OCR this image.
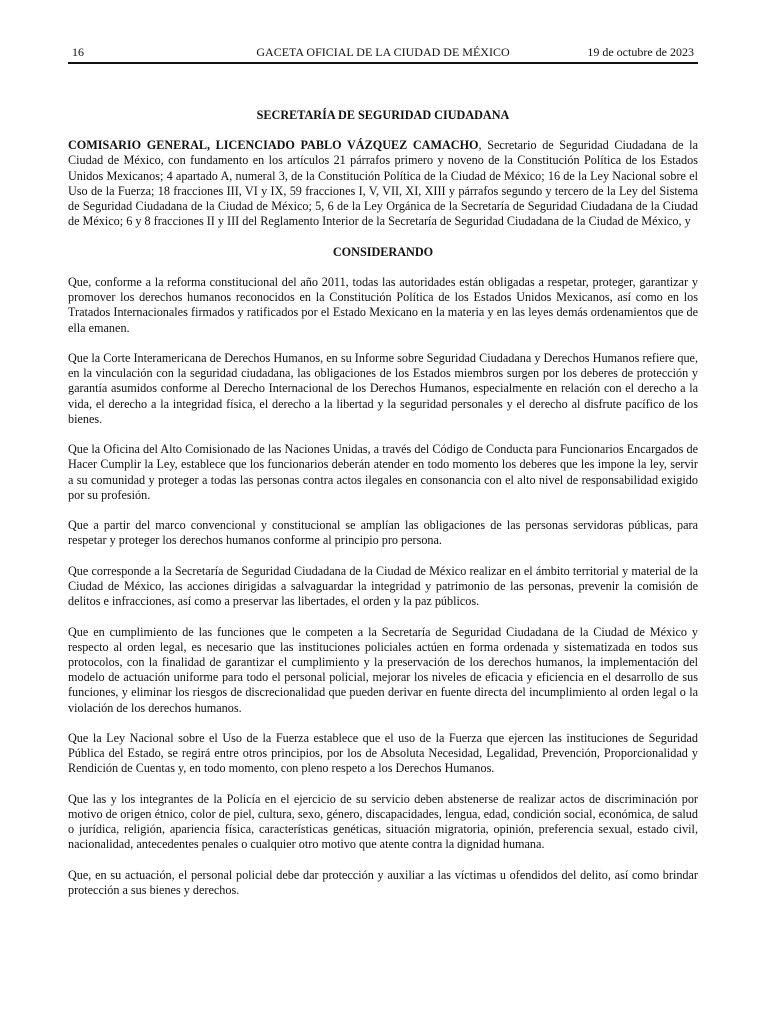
16	GACETA OFICIAL DE LA CIUDAD DE MÉXICO	19 de octubre de 2023
SECRETARÍA DE SEGURIDAD CIUDADANA

COMISARIO GENERAL, LICENCIADO PABLO VÁZQUEZ CAMACHO, Secretario de Seguridad Ciudadana de la Ciudad de México, con fundamento en los artículos 21 párrafos primero y noveno de la Constitución Política de los Estados Unidos Mexicanos; 4 apartado A, numeral 3, de la Constitución Política de la Ciudad de México; 16 de la Ley Nacional sobre el Uso de la Fuerza; 18 fracciones III, VI y IX, 59 fracciones I, V, VII, XI, XIII y párrafos segundo y tercero de la Ley del Sistema de Seguridad Ciudadana de la Ciudad de México; 5, 6 de la Ley Orgánica de la Secretaría de Seguridad Ciudadana de la Ciudad de México; 6 y 8 fracciones II y III del Reglamento Interior de la Secretaría de Seguridad Ciudadana de la Ciudad de México, y

CONSIDERANDO

Que, conforme a la reforma constitucional del año 2011, todas las autoridades están obligadas a respetar, proteger, garantizar y promover los derechos humanos reconocidos en la Constitución Política de los Estados Unidos Mexicanos, así como en los Tratados Internacionales firmados y ratificados por el Estado Mexicano en la materia y en las leyes demás ordenamientos que de ella emanen.

Que la Corte Interamericana de Derechos Humanos, en su Informe sobre Seguridad Ciudadana y Derechos Humanos refiere que, en la vinculación con la seguridad ciudadana, las obligaciones de los Estados miembros surgen por los deberes de protección y garantía asumidos conforme al Derecho Internacional de los Derechos Humanos, especialmente en relación con el derecho a la vida, el derecho a la integridad física, el derecho a la libertad y la seguridad personales y el derecho al disfrute pacífico de los bienes.

Que la Oficina del Alto Comisionado de las Naciones Unidas, a través del Código de Conducta para Funcionarios Encargados de Hacer Cumplir la Ley, establece que los funcionarios deberán atender en todo momento los deberes que les impone la ley, servir a su comunidad y proteger a todas las personas contra actos ilegales en consonancia con el alto nivel de responsabilidad exigido por su profesión.

Que a partir del marco convencional y constitucional se amplían las obligaciones de las personas servidoras públicas, para respetar y proteger los derechos humanos conforme al principio pro persona.

Que corresponde a la Secretaría de Seguridad Ciudadana de la Ciudad de México realizar en el ámbito territorial y material de la Ciudad de México, las acciones dirigidas a salvaguardar la integridad y patrimonio de las personas, prevenir la comisión de delitos e infracciones, así como a preservar las libertades, el orden y la paz públicos.

Que en cumplimiento de las funciones que le competen a la Secretaría de Seguridad Ciudadana de la Ciudad de México y respecto al orden legal, es necesario que las instituciones policiales actúen en forma ordenada y sistematizada en todos sus protocolos, con la finalidad de garantizar el cumplimiento y la preservación de los derechos humanos, la implementación del modelo de actuación uniforme para todo el personal policial, mejorar los niveles de eficacia y eficiencia en el desarrollo de sus funciones, y eliminar los riesgos de discrecionalidad que pueden derivar en fuente directa del incumplimiento al orden legal o la violación de los derechos humanos.

Que la Ley Nacional sobre el Uso de la Fuerza establece que el uso de la Fuerza que ejercen las instituciones de Seguridad Pública del Estado, se regirá entre otros principios, por los de Absoluta Necesidad, Legalidad, Prevención, Proporcionalidad y Rendición de Cuentas y, en todo momento, con pleno respeto a los Derechos Humanos.

Que las y los integrantes de la Policía en el ejercicio de su servicio deben abstenerse de realizar actos de discriminación por motivo de origen étnico, color de piel, cultura, sexo, género, discapacidades, lengua, edad, condición social, económica, de salud o jurídica, religión, apariencia física, características genéticas, situación migratoria, opinión, preferencia sexual, estado civil, nacionalidad, antecedentes penales o cualquier otro motivo que atente contra la dignidad humana.

Que, en su actuación, el personal policial debe dar protección y auxiliar a las víctimas u ofendidos del delito, así como brindar protección a sus bienes y derechos.
